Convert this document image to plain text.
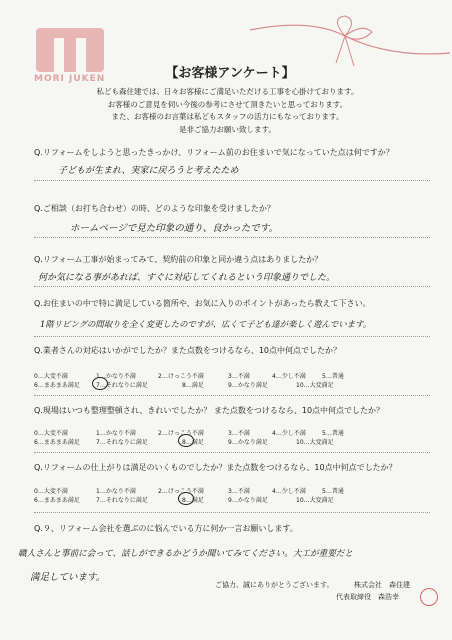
MORI JUKEN	【お客様アンケート】
私ども森住建では、日々お客様にご満足いただける工事を心掛けております。
お客様のご意見を伺い今後の参考にさせて頂きたいと思っております。
また、お客様のお言葉は私どもスタッフの活力にもなっております。
是非ご協力お願い致します。
Q.リフォームをしようと思ったきっかけ、リフォーム前のお住まいで気になっていた点は何ですか？
子どもが生まれ、実家に戻ろうと考えたため
Q.ご相談（お打ち合わせ）の時、どのような印象を受けましたか？
ホームページで見た印象の通り、良かったです。
Q.リフォーム工事が始まってみて、契約前の印象と同か違う点はありましたか？
何か気になる事があれば、すぐに対応してくれるという印象通りでした。
Q.お住まいの中で特に満足している箇所や、お気に入りのポイントがあったら教えて下さい。
1階リビングの間取りを全く変更したのですが、広くて子ども達が楽しく遊んでいます。
Q.業者さんの対応はいかがでしたか？また点数をつけるなら、10点中何点でしたか？
0…大変不満	1…かなり不満	2…けっこう不満	3…不満	4…少し不満	5…普通
6…まあまあ満足	7…それなりに満足	8…満足	9…かなり満足	10…大変満足
Q.現場はいつも整理整頓され、きれいでしたか？ また点数をつけるなら、10点中何点でしたか？
0…大変不満	1…かなり不満	2…けっこう不満	3…不満	4…少し不満	5…普通
6…まあまあ満足	7…それなりに満足	8…満足	9…かなり満足	10…大変満足
Q.リフォームの仕上がりは満足のいくものでしたか？また点数をつけるなら、10点中何点でしたか？
0…大変不満	1…かなり不満	2…けっこう不満	3…不満	4…少し不満	5…普通
6…まあまあ満足	7…それなりに満足	8…満足	9…かなり満足	10…大変満足
Q.９、リフォーム会社を選ぶのに悩んでいる方に何か一言お願いします。
職人さんと事前に会って、話しができるかどうか聞いてみてください。大工が重要だと
満足しています。
ご協力、誠にありがとうございます。	株式会社　森住建
代表取締役　森浩幸
